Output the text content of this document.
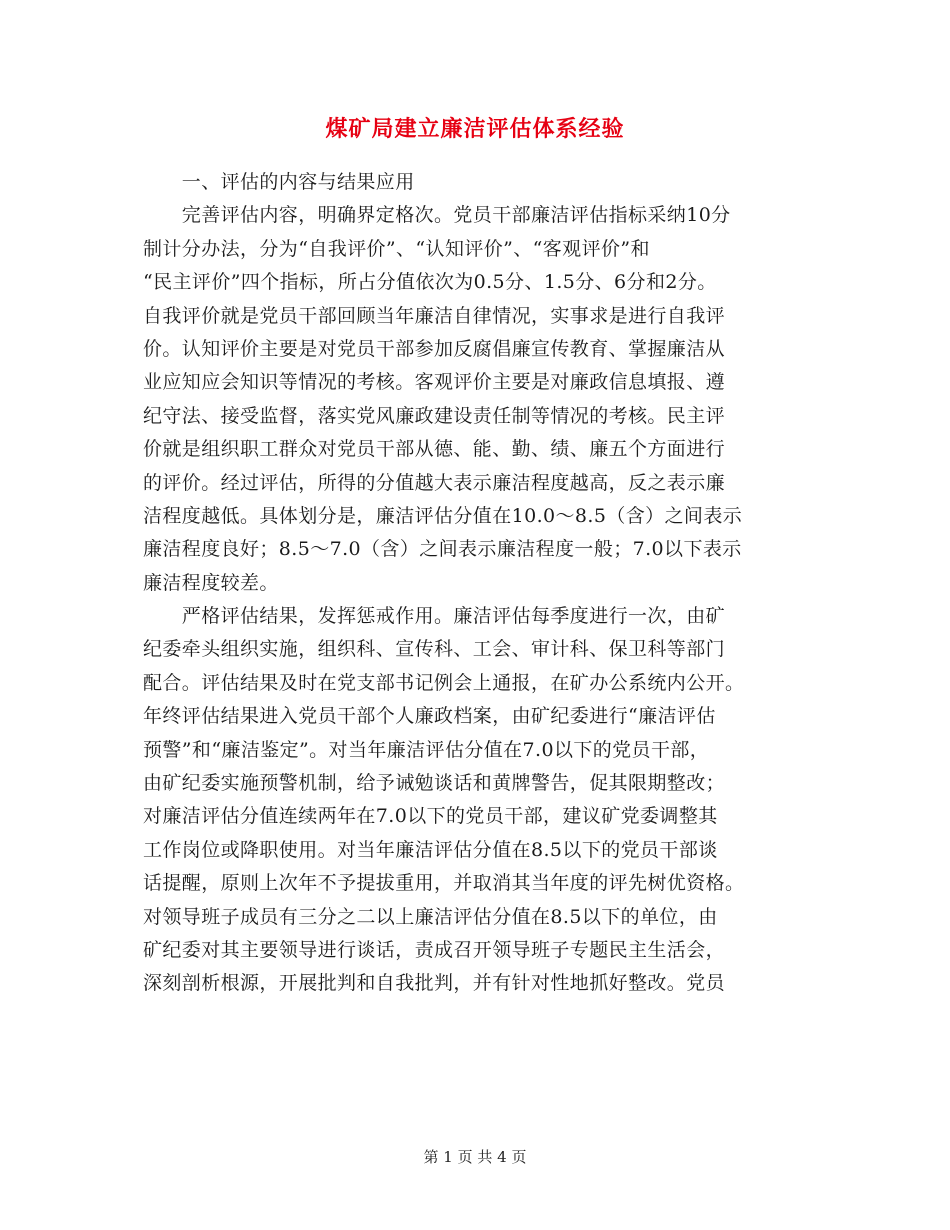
煤矿局建立廉洁评估体系经验
　　一、评估的内容与结果应用
　　完善评估内容，明确界定格次。党员干部廉洁评估指标采纳10分
制计分办法，分为“自我评价”、“认知评价”、“客观评价”和
“民主评价”四个指标，所占分值依次为0.5分、1.5分、6分和2分。
自我评价就是党员干部回顾当年廉洁自律情况，实事求是进行自我评
价。认知评价主要是对党员干部参加反腐倡廉宣传教育、掌握廉洁从
业应知应会知识等情况的考核。客观评价主要是对廉政信息填报、遵
纪守法、接受监督，落实党风廉政建设责任制等情况的考核。民主评
价就是组织职工群众对党员干部从德、能、勤、绩、廉五个方面进行
的评价。经过评估，所得的分值越大表示廉洁程度越高，反之表示廉
洁程度越低。具体划分是，廉洁评估分值在10.0～8.5（含）之间表示
廉洁程度良好；8.5～7.0（含）之间表示廉洁程度一般；7.0以下表示
廉洁程度较差。
　　严格评估结果，发挥惩戒作用。廉洁评估每季度进行一次，由矿
纪委牵头组织实施，组织科、宣传科、工会、审计科、保卫科等部门
配合。评估结果及时在党支部书记例会上通报，在矿办公系统内公开。
年终评估结果进入党员干部个人廉政档案，由矿纪委进行“廉洁评估
预警”和“廉洁鉴定”。对当年廉洁评估分值在7.0以下的党员干部，
由矿纪委实施预警机制，给予诫勉谈话和黄牌警告，促其限期整改；
对廉洁评估分值连续两年在7.0以下的党员干部，建议矿党委调整其
工作岗位或降职使用。对当年廉洁评估分值在8.5以下的党员干部谈
话提醒，原则上次年不予提拔重用，并取消其当年度的评先树优资格。
对领导班子成员有三分之二以上廉洁评估分值在8.5以下的单位，由
矿纪委对其主要领导进行谈话，责成召开领导班子专题民主生活会，
深刻剖析根源，开展批判和自我批判，并有针对性地抓好整改。党员
第 1 页 共 4 页
